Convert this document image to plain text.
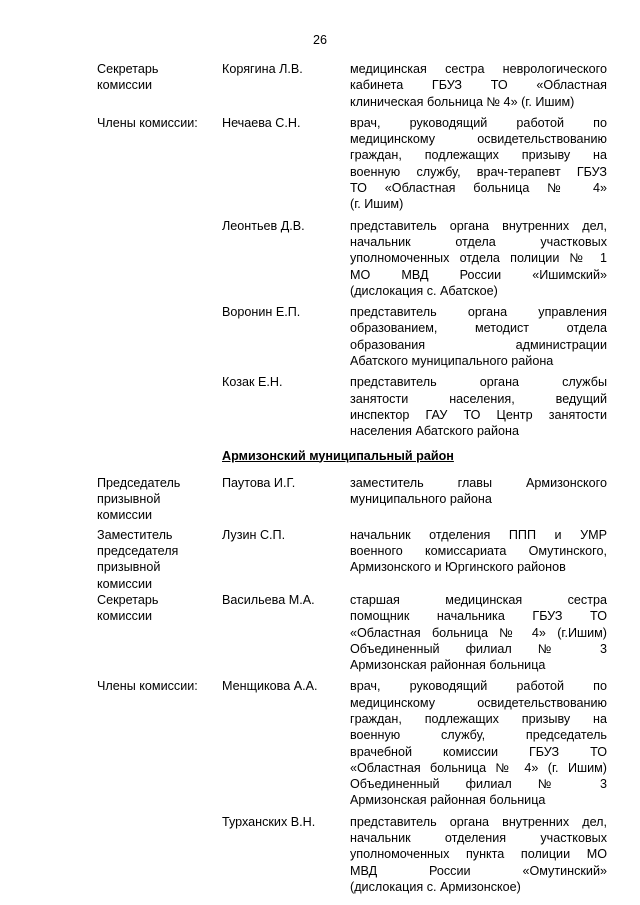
26
Секретарь
комиссии
Корягина Л.В.	медицинская сестра неврологического
кабинета ГБУЗ ТО «Областная
клиническая больница № 4» (г. Ишим)
Члены комиссии:	Нечаева С.Н.	врач, руководящий работой по
медицинскому освидетельствованию
граждан, подлежащих призыву на
военную службу, врач-терапевт ГБУЗ
ТО «Областная больница № 4»
(г. Ишим)
Леонтьев Д.В.	представитель органа внутренних дел,
начальник отдела участковых
уполномоченных отдела полиции № 1
МО МВД России «Ишимский»
(дислокация с. Абатское)
Воронин Е.П.	представитель органа управления
образованием, методист отдела
образования администрации
Абатского муниципального района
Козак Е.Н.	представитель органа службы
занятости населения, ведущий
инспектор ГАУ ТО Центр занятости
населения Абатского района
Армизонский муниципальный район
Председатель
призывной
комиссии
Паутова И.Г.	заместитель главы Армизонского
муниципального района
Заместитель
председателя
призывной
комиссии
Лузин С.П.	начальник отделения ППП и УМР
военного комиссариата Омутинского,
Армизонского и Юргинского районов
Секретарь
комиссии
Васильева М.А.	старшая медицинская сестра
помощник начальника ГБУЗ ТО
«Областная больница № 4» (г.Ишим)
Объединенный филиал № 3
Армизонская районная больница
Члены комиссии:	Менщикова А.А.	врач, руководящий работой по
медицинскому освидетельствованию
граждан, подлежащих призыву на
военную службу, председатель
врачебной комиссии ГБУЗ ТО
«Областная больница № 4» (г. Ишим)
Объединенный филиал № 3
Армизонская районная больница
Турханских В.Н.	представитель органа внутренних дел,
начальник отделения участковых
уполномоченных пункта полиции МО
МВД России «Омутинский»
(дислокация с. Армизонское)
